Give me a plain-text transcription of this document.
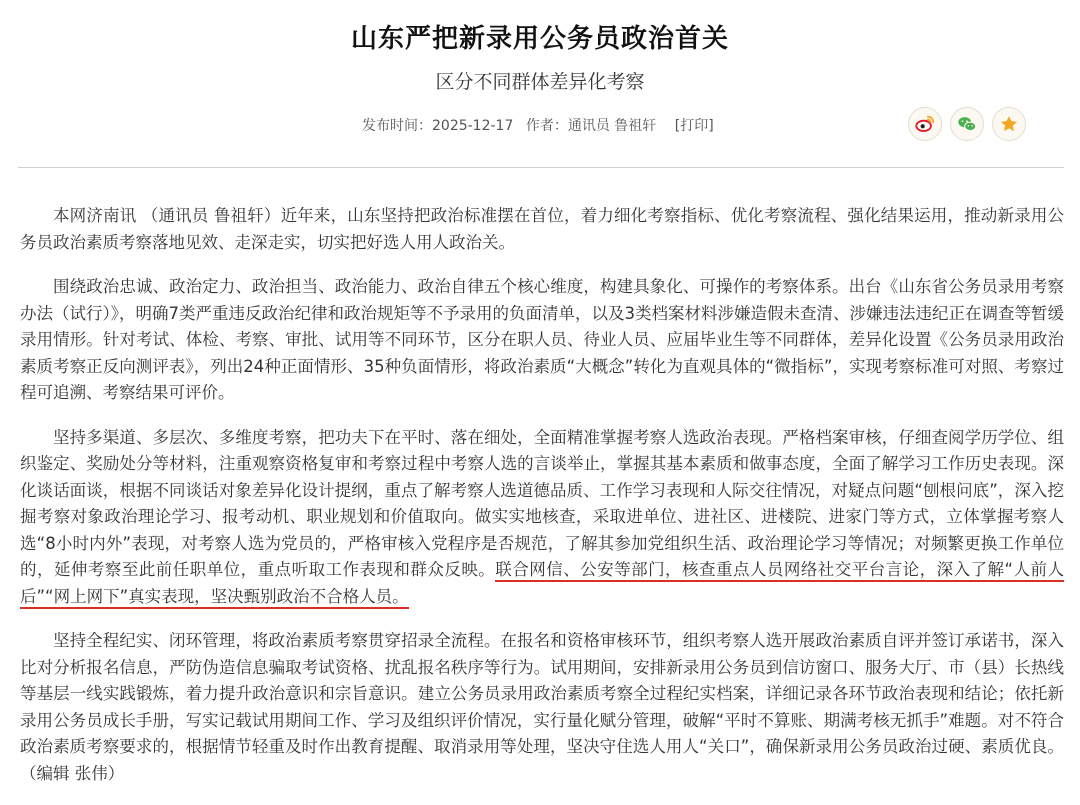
山东严把新录用公务员政治首关
区分不同群体差异化考察
发布时间：2025-12-17 作者：通讯员 鲁祖轩 [打印]

本网济南讯 （通讯员 鲁祖轩）近年来，山东坚持把政治标准摆在首位，着力细化考察指标、优化考察流程、强化结果运用，推动新录用公务员政治素质考察落地见效、走深走实，切实把好选人用人政治关。

围绕政治忠诚、政治定力、政治担当、政治能力、政治自律五个核心维度，构建具象化、可操作的考察体系。出台《山东省公务员录用考察办法（试行）》，明确7类严重违反政治纪律和政治规矩等不予录用的负面清单，以及3类档案材料涉嫌造假未查清、涉嫌违法违纪正在调查等暂缓录用情形。针对考试、体检、考察、审批、试用等不同环节，区分在职人员、待业人员、应届毕业生等不同群体，差异化设置《公务员录用政治素质考察正反向测评表》，列出24种正面情形、35种负面情形，将政治素质“大概念”转化为直观具体的“微指标”，实现考察标准可对照、考察过程可追溯、考察结果可评价。

坚持多渠道、多层次、多维度考察，把功夫下在平时、落在细处，全面精准掌握考察人选政治表现。严格档案审核，仔细查阅学历学位、组织鉴定、奖励处分等材料，注重观察资格复审和考察过程中考察人选的言谈举止，掌握其基本素质和做事态度，全面了解学习工作历史表现。深化谈话面谈，根据不同谈话对象差异化设计提纲，重点了解考察人选道德品质、工作学习表现和人际交往情况，对疑点问题“刨根问底”，深入挖掘考察对象政治理论学习、报考动机、职业规划和价值取向。做实实地核查，采取进单位、进社区、进楼院、进家门等方式，立体掌握考察人选“8小时内外”表现，对考察人选为党员的，严格审核入党程序是否规范，了解其参加党组织生活、政治理论学习等情况；对频繁更换工作单位的，延伸考察至此前任职单位，重点听取工作表现和群众反映。联合网信、公安等部门，核查重点人员网络社交平台言论，深入了解“人前人后”“网上网下”真实表现，坚决甄别政治不合格人员。

坚持全程纪实、闭环管理，将政治素质考察贯穿招录全流程。在报名和资格审核环节，组织考察人选开展政治素质自评并签订承诺书，深入比对分析报名信息，严防伪造信息骗取考试资格、扰乱报名秩序等行为。试用期间，安排新录用公务员到信访窗口、服务大厅、市（县）长热线等基层一线实践锻炼，着力提升政治意识和宗旨意识。建立公务员录用政治素质考察全过程纪实档案，详细记录各环节政治表现和结论；依托新录用公务员成长手册，写实记载试用期间工作、学习及组织评价情况，实行量化赋分管理，破解“平时不算账、期满考核无抓手”难题。对不符合政治素质考察要求的，根据情节轻重及时作出教育提醒、取消录用等处理，坚决守住选人用人“关口”，确保新录用公务员政治过硬、素质优良。（编辑 张伟）
